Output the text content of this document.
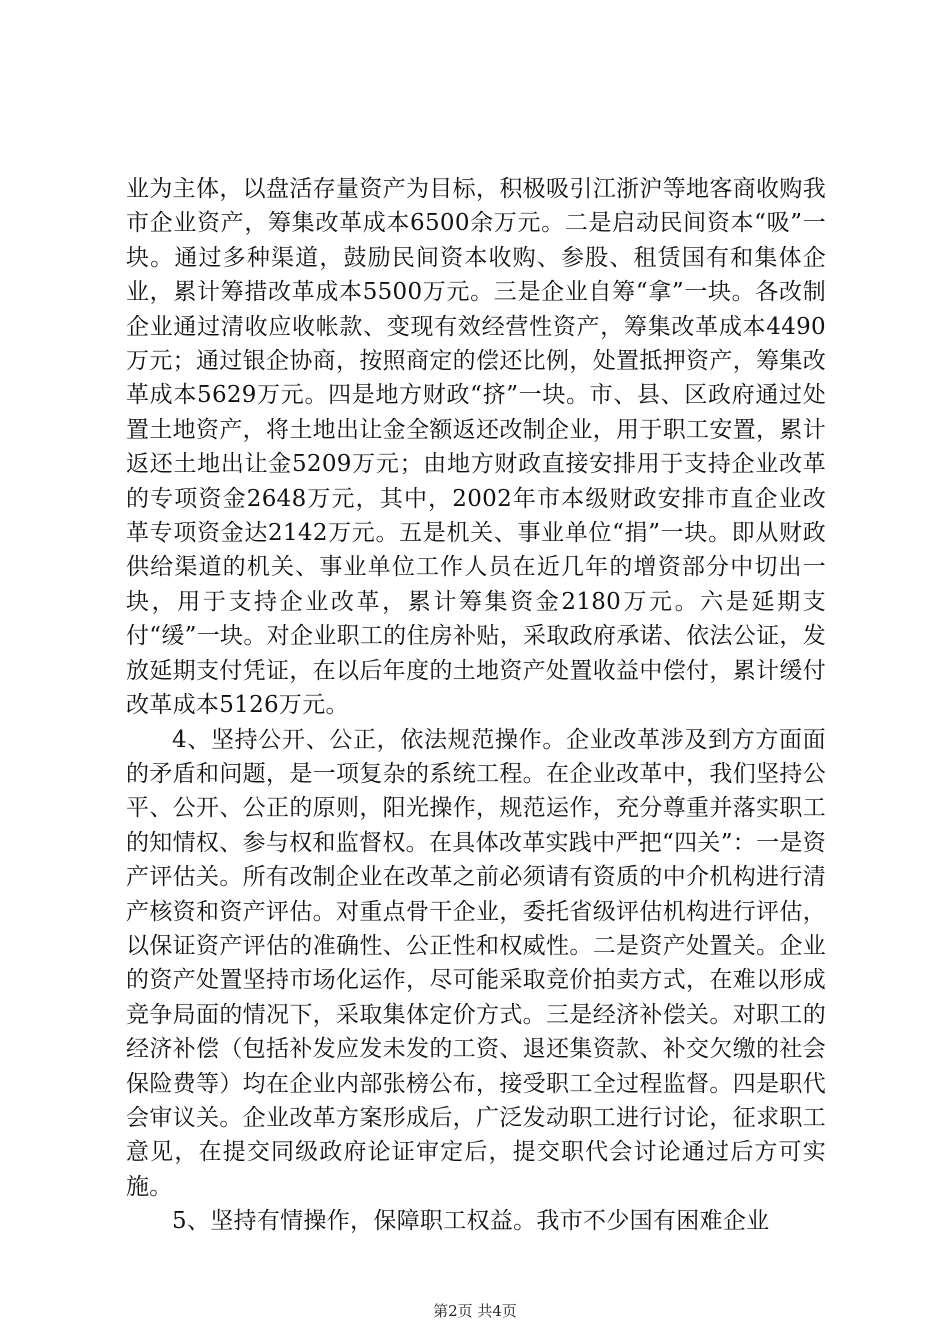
业为主体，以盘活存量资产为目标，积极吸引江浙沪等地客商收购我市企业资产，筹集改革成本6500余万元。二是启动民间资本“吸”一块。通过多种渠道，鼓励民间资本收购、参股、租赁国有和集体企业，累计筹措改革成本5500万元。三是企业自筹“拿”一块。各改制企业通过清收应收帐款、变现有效经营性资产，筹集改革成本4490万元；通过银企协商，按照商定的偿还比例，处置抵押资产，筹集改革成本5629万元。四是地方财政“挤”一块。市、县、区政府通过处置土地资产，将土地出让金全额返还改制企业，用于职工安置，累计返还土地出让金5209万元；由地方财政直接安排用于支持企业改革的专项资金2648万元，其中，2002年市本级财政安排市直企业改革专项资金达2142万元。五是机关、事业单位“捐”一块。即从财政供给渠道的机关、事业单位工作人员在近几年的增资部分中切出一块，用于支持企业改革，累计筹集资金2180万元。六是延期支付“缓”一块。对企业职工的住房补贴，采取政府承诺、依法公证，发放延期支付凭证，在以后年度的土地资产处置收益中偿付，累计缓付改革成本5126万元。

4、坚持公开、公正，依法规范操作。企业改革涉及到方方面面的矛盾和问题，是一项复杂的系统工程。在企业改革中，我们坚持公平、公开、公正的原则，阳光操作，规范运作，充分尊重并落实职工的知情权、参与权和监督权。在具体改革实践中严把“四关”：一是资产评估关。所有改制企业在改革之前必须请有资质的中介机构进行清产核资和资产评估。对重点骨干企业，委托省级评估机构进行评估，以保证资产评估的准确性、公正性和权威性。二是资产处置关。企业的资产处置坚持市场化运作，尽可能采取竞价拍卖方式，在难以形成竞争局面的情况下，采取集体定价方式。三是经济补偿关。对职工的经济补偿（包括补发应发未发的工资、退还集资款、补交欠缴的社会保险费等）均在企业内部张榜公布，接受职工全过程监督。四是职代会审议关。企业改革方案形成后，广泛发动职工进行讨论，征求职工意见，在提交同级政府论证审定后，提交职代会讨论通过后方可实施。

5、坚持有情操作，保障职工权益。我市不少国有困难企业

第2页 共4页
